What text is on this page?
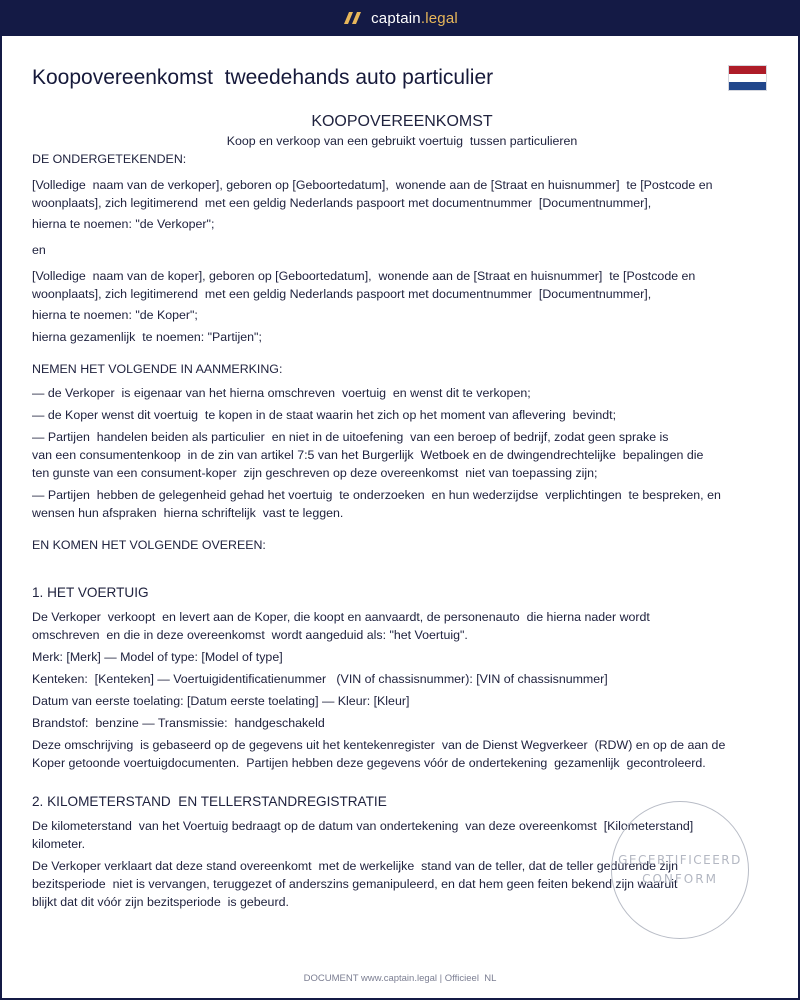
captain.legal
Koopovereenkomst  tweedehands auto particulier

KOOPOVEREENKOMST

Koop en verkoop van een gebruikt voertuig  tussen particulieren

DE ONDERGETEKENDEN:

[Volledige  naam van de verkoper], geboren op [Geboortedatum],  wonende aan de [Straat en huisnummer]  te [Postcode en

woonplaats], zich legitimerend  met een geldig Nederlands paspoort met documentnummer  [Documentnummer],

hierna te noemen: "de Verkoper";

en

[Volledige  naam van de koper], geboren op [Geboortedatum],  wonende aan de [Straat en huisnummer]  te [Postcode en

woonplaats], zich legitimerend  met een geldig Nederlands paspoort met documentnummer  [Documentnummer],

hierna te noemen: "de Koper";

hierna gezamenlijk  te noemen: "Partijen";

NEMEN HET VOLGENDE IN AANMERKING:

— de Verkoper  is eigenaar van het hierna omschreven  voertuig  en wenst dit te verkopen;

— de Koper wenst dit voertuig  te kopen in de staat waarin het zich op het moment van aflevering  bevindt;

— Partijen  handelen beiden als particulier  en niet in de uitoefening  van een beroep of bedrijf, zodat geen sprake is

van een consumentenkoop  in de zin van artikel 7:5 van het Burgerlijk  Wetboek en de dwingendrechtelijke  bepalingen die

ten gunste van een consument-koper  zijn geschreven op deze overeenkomst  niet van toepassing zijn;

— Partijen  hebben de gelegenheid gehad het voertuig  te onderzoeken  en hun wederzijdse  verplichtingen  te bespreken, en

wensen hun afspraken  hierna schriftelijk  vast te leggen.

EN KOMEN HET VOLGENDE OVEREEN:

1. HET VOERTUIG

De Verkoper  verkoopt  en levert aan de Koper, die koopt en aanvaardt, de personenauto  die hierna nader wordt

omschreven  en die in deze overeenkomst  wordt aangeduid als: "het Voertuig".

Merk: [Merk] — Model of type: [Model of type]

Kenteken:  [Kenteken] — Voertuigidentificatienummer   (VIN of chassisnummer): [VIN of chassisnummer]

Datum van eerste toelating: [Datum eerste toelating] — Kleur: [Kleur]

Brandstof:  benzine — Transmissie:  handgeschakeld

Deze omschrijving  is gebaseerd op de gegevens uit het kentekenregister  van de Dienst Wegverkeer  (RDW) en op de aan de

Koper getoonde voertuigdocumenten.  Partijen hebben deze gegevens vóór de ondertekening  gezamenlijk  gecontroleerd.

2. KILOMETERSTAND  EN TELLERSTANDREGISTRATIE

De kilometerstand  van het Voertuig bedraagt op de datum van ondertekening  van deze overeenkomst  [Kilometerstand]

kilometer.

De Verkoper verklaart dat deze stand overeenkomt  met de werkelijke  stand van de teller, dat de teller gedurende zijn

bezitsperiode  niet is vervangen, teruggezet of anderszins gemanipuleerd, en dat hem geen feiten bekend zijn waaruit

blijkt dat dit vóór zijn bezitsperiode  is gebeurd.

GECERTIFICEERD
CONFORM
DOCUMENT www.captain.legal | Officieel  NL
